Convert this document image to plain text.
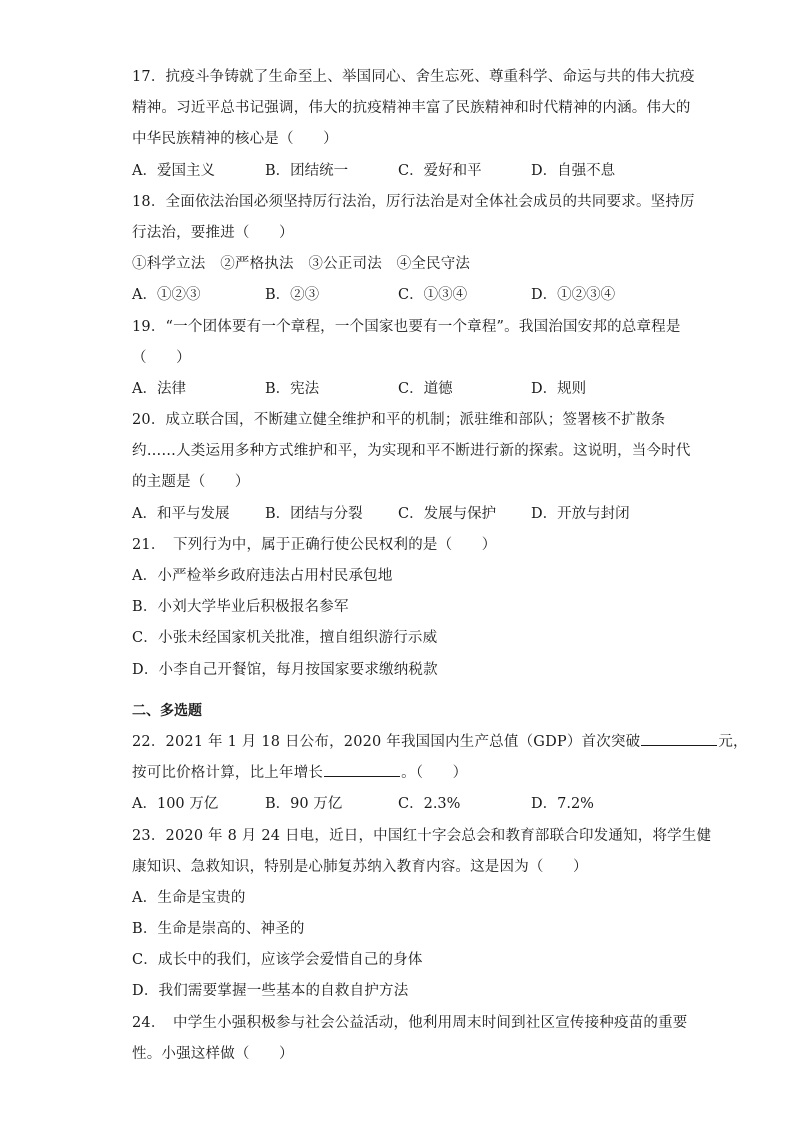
17．抗疫斗争铸就了生命至上、举国同心、舍生忘死、尊重科学、命运与共的伟大抗疫
精神。习近平总书记强调，伟大的抗疫精神丰富了民族精神和时代精神的内涵。伟大的
中华民族精神的核心是（　　）
A．爱国主义	B．团结统一	C．爱好和平	D．自强不息
18．全面依法治国必须坚持厉行法治，厉行法治是对全体社会成员的共同要求。坚持厉
行法治，要推进（　　）
①科学立法　②严格执法　③公正司法　④全民守法
A．①②③	B．②③	C．①③④	D．①②③④
19．“一个团体要有一个章程，一个国家也要有一个章程”。我国治国安邦的总章程是
（　　）
A．法律	B．宪法	C．道德	D．规则
20．成立联合国，不断建立健全维护和平的机制；派驻维和部队；签署核不扩散条
约……人类运用多种方式维护和平，为实现和平不断进行新的探索。这说明，当今时代
的主题是（　　）
A．和平与发展	B．团结与分裂	C．发展与保护	D．开放与封闭
21．　下列行为中，属于正确行使公民权利的是（　　）
A．小严检举乡政府违法占用村民承包地
B．小刘大学毕业后积极报名参军
C．小张未经国家机关批准，擅自组织游行示威
D．小李自己开餐馆，每月按国家要求缴纳税款
二、多选题
22．2021 年 1 月 18 日公布，2020 年我国国内生产总值（GDP）首次突破	元，
按可比价格计算，比上年增长	。（　　）
A．100 万亿	B．90 万亿	C．2.3%	D．7.2%
23．2020 年 8 月 24 日电，近日，中国红十字会总会和教育部联合印发通知，将学生健
康知识、急救知识，特别是心肺复苏纳入教育内容。这是因为（　　）
A．生命是宝贵的
B．生命是崇高的、神圣的
C．成长中的我们，应该学会爱惜自己的身体
D．我们需要掌握一些基本的自救自护方法
24．　中学生小强积极参与社会公益活动，他利用周末时间到社区宣传接种疫苗的重要
性。小强这样做（　　）
